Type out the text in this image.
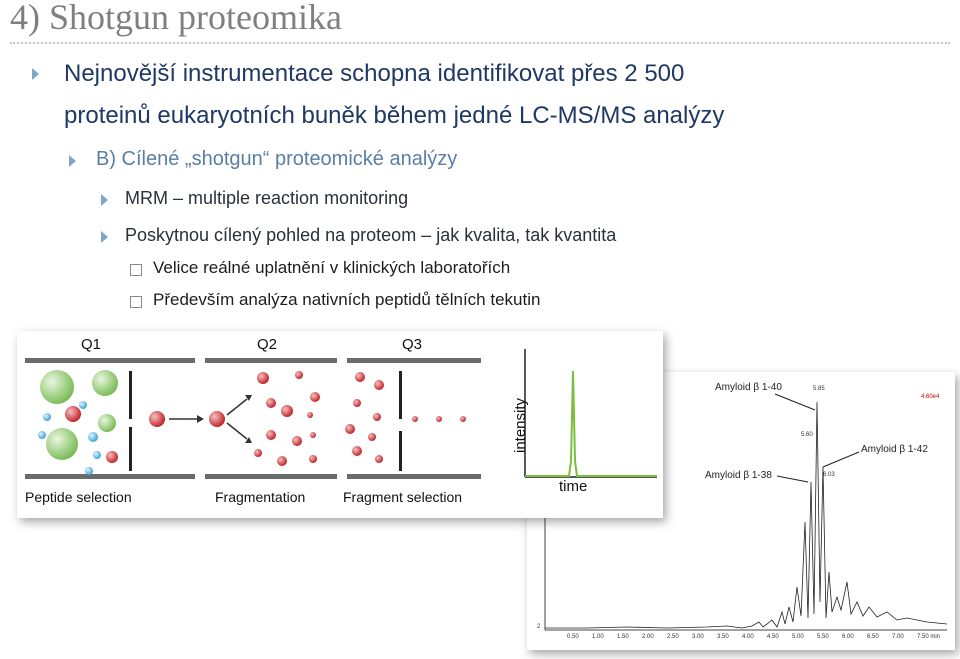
4) Shotgun proteomika
Nejnovější instrumentace schopna identifikovat přes 2 500
proteinů eukaryotních buněk během jedné LC-MS/MS analýzy
B) Cílené „shotgun“ proteomické analýzy
MRM – multiple reaction monitoring
Poskytnou cílený pohled na proteom – jak kvalita, tak kvantita
Velice reálné uplatnění v klinických laboratořích
Především analýza nativních peptidů tělních tekutin
Amyloid β 1-40
Amyloid β 1-42
Amyloid β 1-38
5.85
5.60
6.03
4.60e4
2
0.50 1.00 1.50 2.00 2.50 3.00 3.50 4.00 4.50 5.00 5.50 6.00 6.50 7.00 7.50 min
Q1	Q2	Q3
intensity
time
Peptide selection	Fragmentation	Fragment selection
